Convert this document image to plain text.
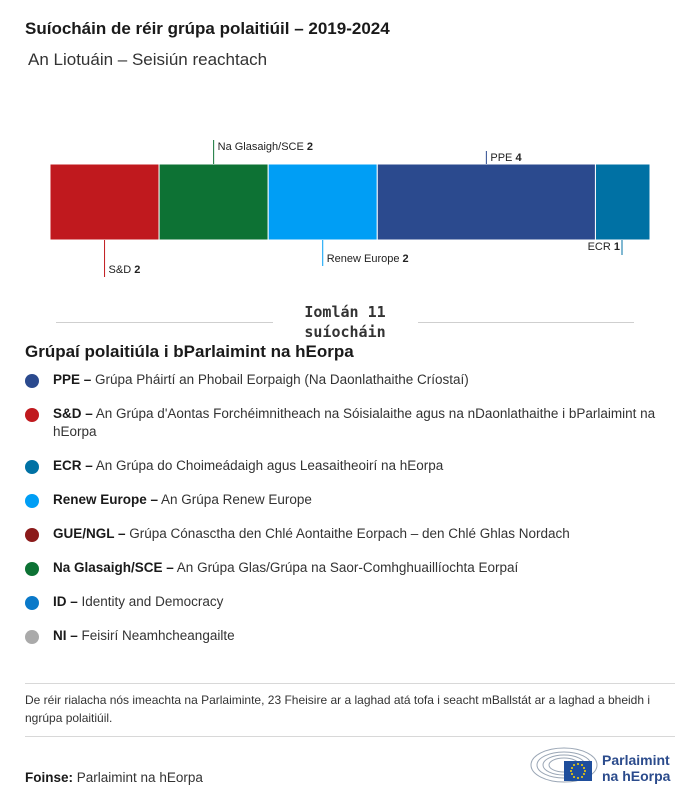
Suíocháin de réir grúpa polaitiúil – 2019-2024
An Liotuáin – Seisiún reachtach
S&D 2
Na Glasaigh/SCE 2
Renew Europe 2
PPE 4
ECR 1
Iomlán 11 suíocháin
Grúpaí polaitiúla i bParlaimint na hEorpa
PPE – Grúpa Pháirtí an Phobail Eorpaigh (Na Daonlathaithe Críostaí)
S&D – An Grúpa d'Aontas Forchéimnitheach na Sóisialaithe agus na nDaonlathaithe i bParlaimint na hEorpa
ECR – An Grúpa do Choimeádaigh agus Leasaitheoirí na hEorpa
Renew Europe – An Grúpa Renew Europe
GUE/NGL – Grúpa Cónasctha den Chlé Aontaithe Eorpach – den Chlé Ghlas Nordach
Na Glasaigh/SCE – An Grúpa Glas/Grúpa na Saor-Comhghuaillíochta Eorpaí
ID – Identity and Democracy
NI – Feisirí Neamhcheangailte
De réir rialacha nós imeachta na Parlaiminte, 23 Fheisire ar a laghad atá tofa i seacht mBallstát ar a laghad a bheidh i ngrúpa polaitiúil.
Foinse: Parlaimint na hEorpa
Parlaimint
na hEorpa
